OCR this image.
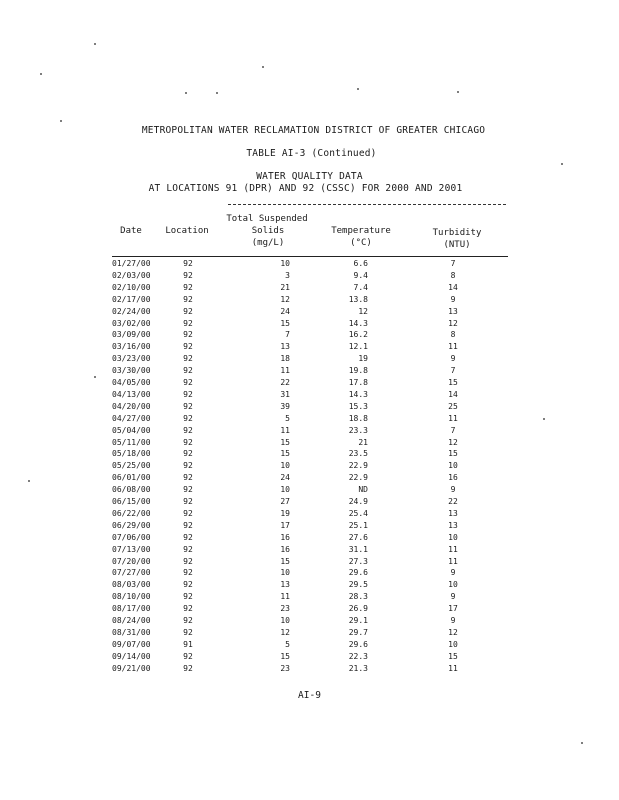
METROPOLITAN WATER RECLAMATION DISTRICT OF GREATER CHICAGO
TABLE AI-3 (Continued)
WATER QUALITY DATA
AT LOCATIONS 91 (DPR) AND 92 (CSSC) FOR 2000 AND 2001
Date	Location
Total Suspended
Solids
(mg/L)
Temperature
(°C)
Turbidity
(NTU)
01/27/00	92	10	6.6	7
02/03/00	92	3	9.4	8
02/10/00	92	21	7.4	14
02/17/00	92	12	13.8	9
02/24/00	92	24	12	13
03/02/00	92	15	14.3	12
03/09/00	92	7	16.2	8
03/16/00	92	13	12.1	11
03/23/00	92	18	19	9
03/30/00	92	11	19.8	7
04/05/00	92	22	17.8	15
04/13/00	92	31	14.3	14
04/20/00	92	39	15.3	25
04/27/00	92	5	18.8	11
05/04/00	92	11	23.3	7
05/11/00	92	15	21	12
05/18/00	92	15	23.5	15
05/25/00	92	10	22.9	10
06/01/00	92	24	22.9	16
06/08/00	92	10	ND	9
06/15/00	92	27	24.9	22
06/22/00	92	19	25.4	13
06/29/00	92	17	25.1	13
07/06/00	92	16	27.6	10
07/13/00	92	16	31.1	11
07/20/00	92	15	27.3	11
07/27/00	92	10	29.6	9
08/03/00	92	13	29.5	10
08/10/00	92	11	28.3	9
08/17/00	92	23	26.9	17
08/24/00	92	10	29.1	9
08/31/00	92	12	29.7	12
09/07/00	91	5	29.6	10
09/14/00	92	15	22.3	15
09/21/00	92	23	21.3	11
AI-9
